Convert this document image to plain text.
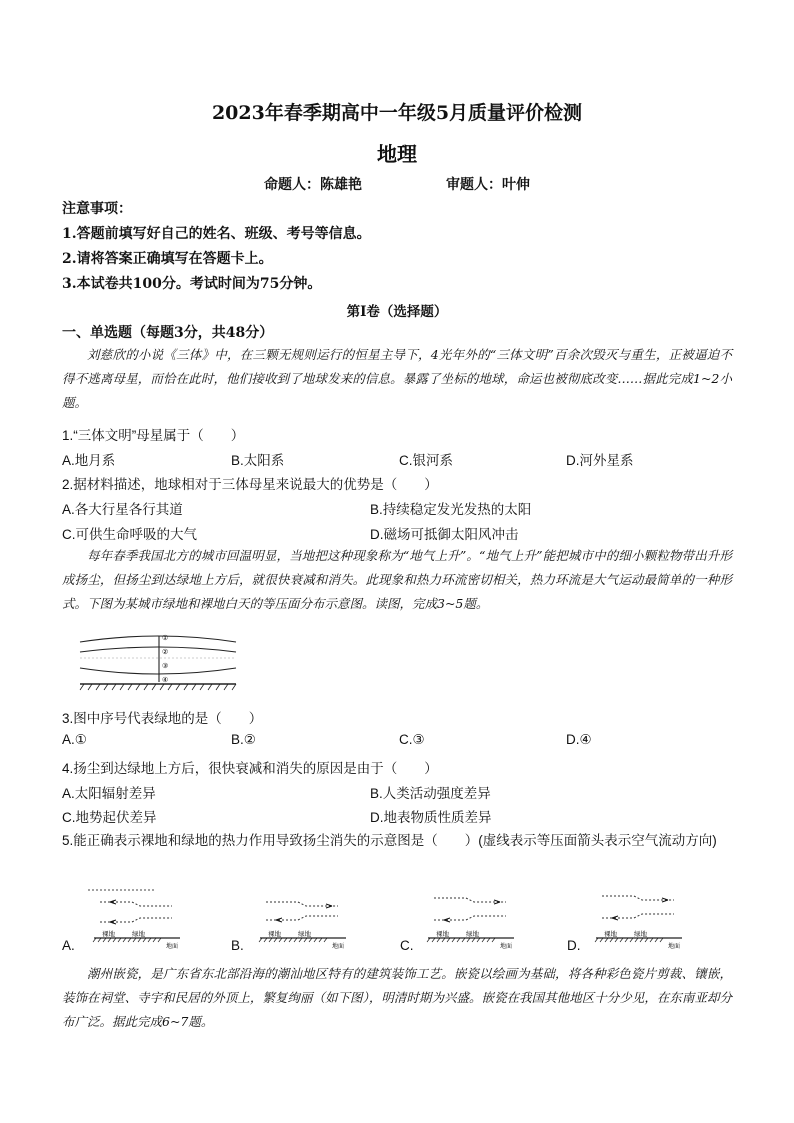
2023年春季期高中一年级5月质量评价检测
地理
命题人：陈雄艳	审题人：叶伸
注意事项：
1.答题前填写好自己的姓名、班级、考号等信息。
2.请将答案正确填写在答题卡上。
3.本试卷共100分。考试时间为75分钟。
第Ⅰ卷（选择题）
一、单选题（每题3分，共48分）

刘慈欣的小说《三体》中，在三颗无规则运行的恒星主导下，4光年外的“三体文明”百余次毁灭与重生，正被逼迫不得不逃离母星，而恰在此时，他们接收到了地球发来的信息。暴露了坐标的地球，命运也被彻底改变……据此完成1~2小题。

1.“三体文明”母星属于（　　）
A.地月系	B.太阳系	C.银河系	D.河外星系
2.据材料描述，地球相对于三体母星来说最大的优势是（　　）
A.各大行星各行其道	B.持续稳定发光发热的太阳
C.可供生命呼吸的大气	D.磁场可抵御太阳风冲击

每年春季我国北方的城市回温明显，当地把这种现象称为“地气上升”。“地气上升”能把城市中的细小颗粒物带出升形成扬尘，但扬尘到达绿地上方后，就很快衰减和消失。此现象和热力环流密切相关，热力环流是大气运动最简单的一种形式。下图为某城市绿地和裸地白天的等压面分布示意图。读图，完成3~5题。

①
②
③
④
3.图中序号代表绿地的是（　　）
A.①	B.②	C.③	D.④
4.扬尘到达绿地上方后，很快衰减和消失的原因是由于（　　）
A.太阳辐射差异	B.人类活动强度差异
C.地势起伏差异	D.地表物质性质差异
5.能正确表示裸地和绿地的热力作用导致扬尘消失的示意图是（　　）(虚线表示等压面箭头表示空气流动方向)
A.	B.	C.	D.
裸地	绿地
地面
裸地	绿地
地面
裸地	绿地
地面
裸地	绿地
地面

潮州嵌瓷，是广东省东北部沿海的潮汕地区特有的建筑装饰工艺。嵌瓷以绘画为基础，将各种彩色瓷片剪裁、镶嵌，装饰在祠堂、寺宇和民居的外顶上，繁复绚丽（如下图），明清时期为兴盛。嵌瓷在我国其他地区十分少见，在东南亚却分布广泛。据此完成6~7题。
